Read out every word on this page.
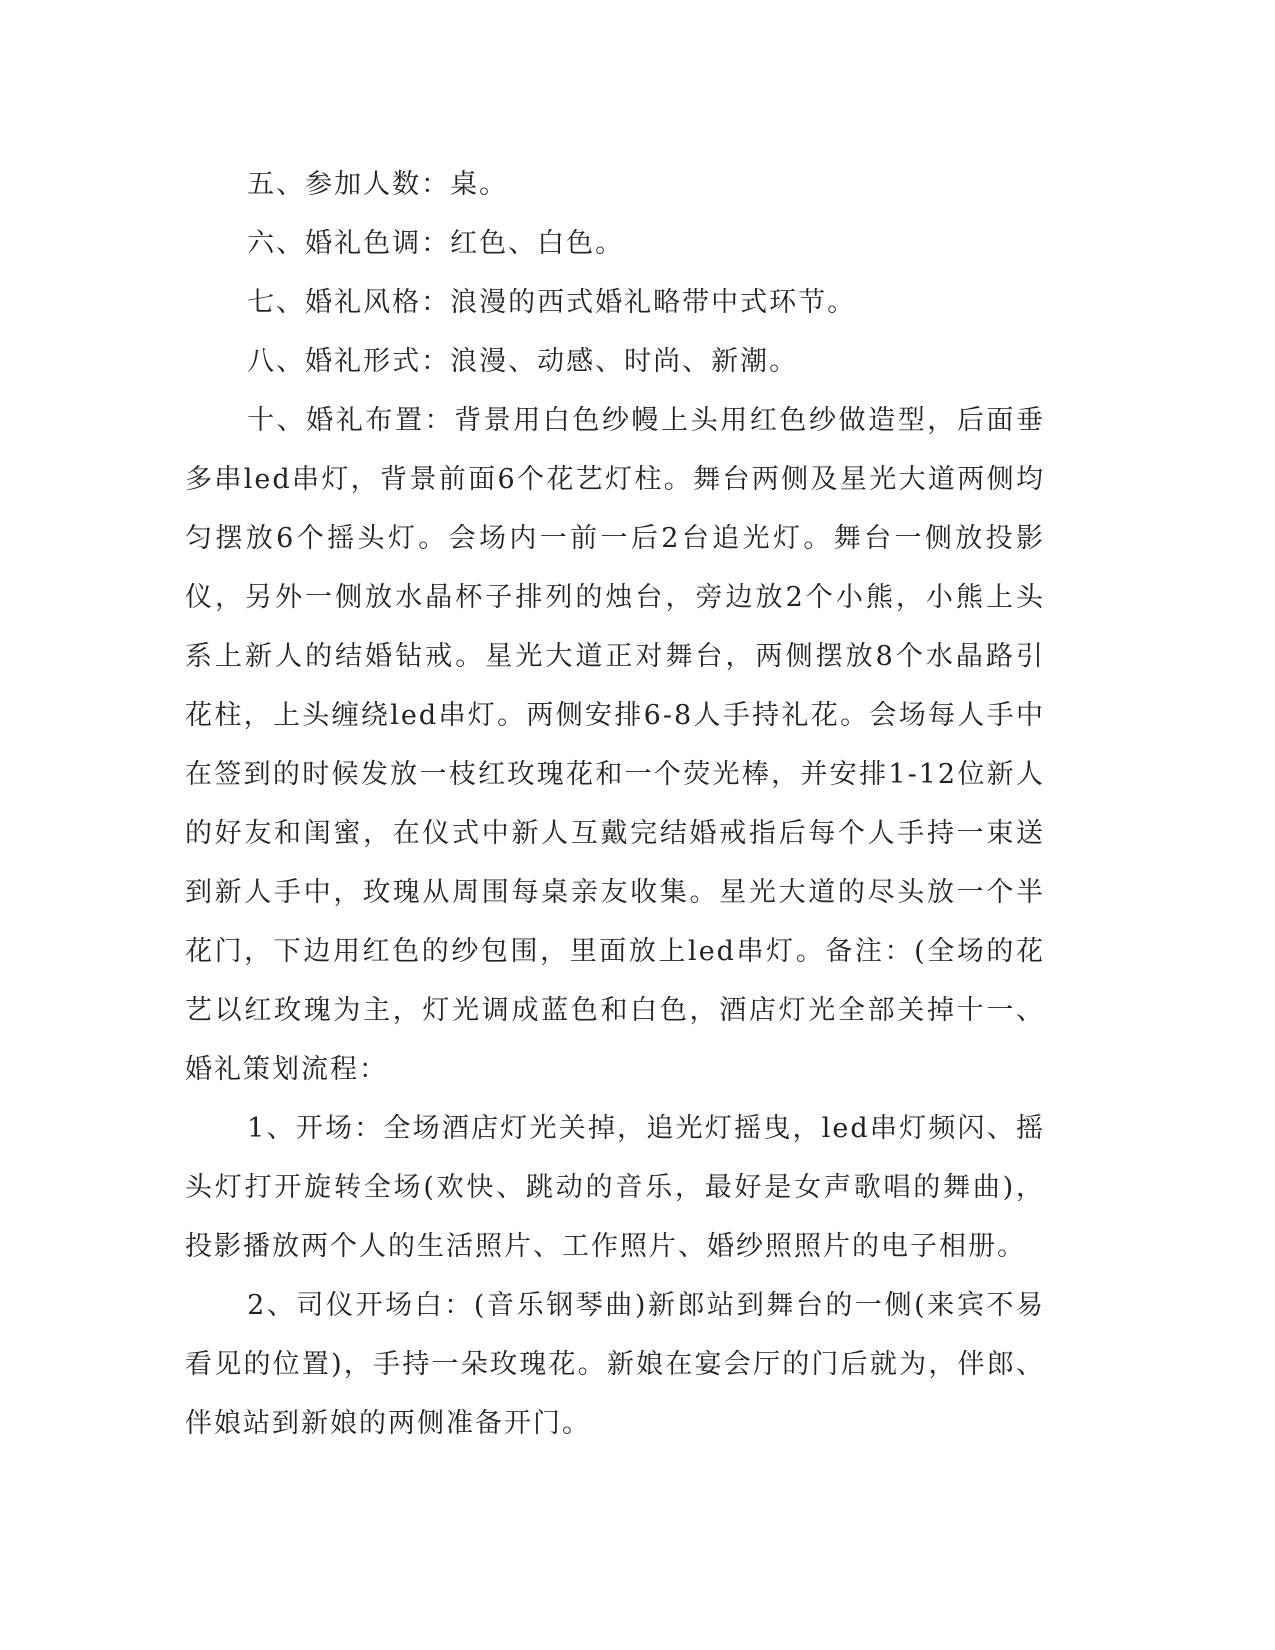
五、参加人数：桌。

六、婚礼色调：红色、白色。

七、婚礼风格：浪漫的西式婚礼略带中式环节。

八、婚礼形式：浪漫、动感、时尚、新潮。

十、婚礼布置：背景用白色纱幔上头用红色纱做造型，后面垂多串led串灯，背景前面6个花艺灯柱。舞台两侧及星光大道两侧均匀摆放6个摇头灯。会场内一前一后2台追光灯。舞台一侧放投影仪，另外一侧放水晶杯子排列的烛台，旁边放2个小熊，小熊上头系上新人的结婚钻戒。星光大道正对舞台，两侧摆放8个水晶路引花柱，上头缠绕led串灯。两侧安排6-8人手持礼花。会场每人手中在签到的时候发放一枝红玫瑰花和一个荧光棒，并安排1-12位新人的好友和闺蜜，在仪式中新人互戴完结婚戒指后每个人手持一束送到新人手中，玫瑰从周围每桌亲友收集。星光大道的尽头放一个半花门，下边用红色的纱包围，里面放上led串灯。备注：(全场的花艺以红玫瑰为主，灯光调成蓝色和白色，酒店灯光全部关掉十一、婚礼策划流程：

1、开场：全场酒店灯光关掉，追光灯摇曳，led串灯频闪、摇头灯打开旋转全场(欢快、跳动的音乐，最好是女声歌唱的舞曲)，投影播放两个人的生活照片、工作照片、婚纱照照片的电子相册。

2、司仪开场白：(音乐钢琴曲)新郎站到舞台的一侧(来宾不易看见的位置)，手持一朵玫瑰花。新娘在宴会厅的门后就为，伴郎、伴娘站到新娘的两侧准备开门。
